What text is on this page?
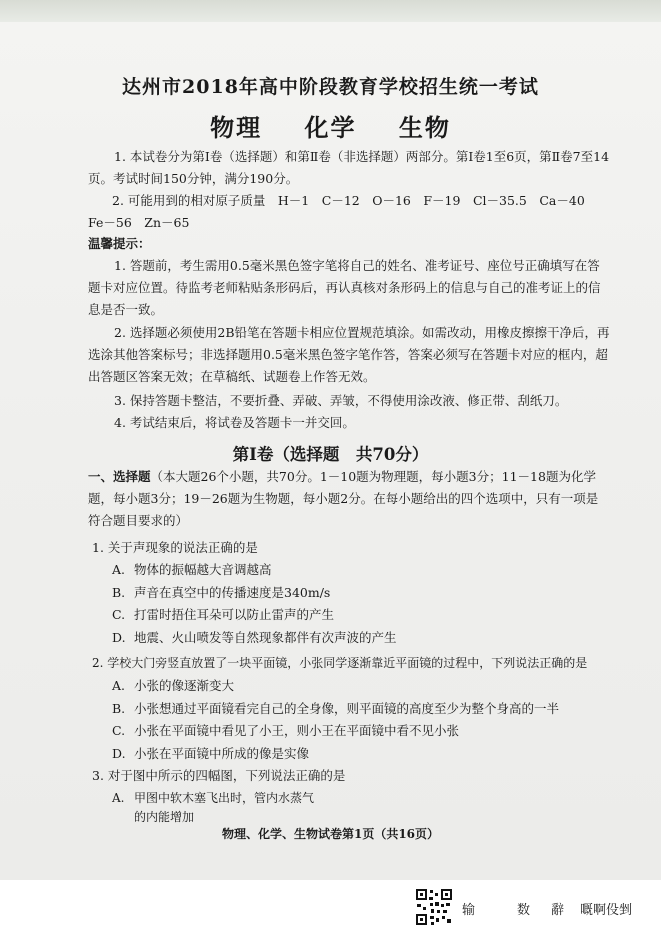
达州市2018年高中阶段教育学校招生统一考试
物理 化学 生物
1. 本试卷分为第Ⅰ卷（选择题）和第Ⅱ卷（非选择题）两部分。第Ⅰ卷1至6页，第Ⅱ卷7至14页。考试时间150分钟，满分190分。
2. 可能用到的相对原子质量　H－1　C－12　O－16　F－19　Cl－35.5　Ca－40
Fe－56　Zn－65
温馨提示：
1. 答题前，考生需用0.5毫米黑色签字笔将自己的姓名、准考证号、座位号正确填写在答题卡对应位置。待监考老师粘贴条形码后，再认真核对条形码上的信息与自己的准考证上的信息是否一致。
2. 选择题必须使用2B铅笔在答题卡相应位置规范填涂。如需改动，用橡皮擦擦干净后，再选涂其他答案标号；非选择题用0.5毫米黑色签字笔作答，答案必须写在答题卡对应的框内，超出答题区答案无效；在草稿纸、试题卷上作答无效。
3. 保持答题卡整洁，不要折叠、弄破、弄皱，不得使用涂改液、修正带、刮纸刀。
4. 考试结束后，将试卷及答题卡一并交回。
第Ⅰ卷（选择题　共70分）
一、选择题（本大题26个小题，共70分。1－10题为物理题，每小题3分；11－18题为化学题，每小题3分；19－26题为生物题，每小题2分。在每小题给出的四个选项中，只有一项是符合题目要求的）
1. 关于声现象的说法正确的是
A. 物体的振幅越大音调越高
B. 声音在真空中的传播速度是340m/s
C. 打雷时捂住耳朵可以防止雷声的产生
D. 地震、火山喷发等自然现象都伴有次声波的产生
2. 学校大门旁竖直放置了一块平面镜，小张同学逐渐靠近平面镜的过程中，下列说法正确的是
A. 小张的像逐渐变大
B. 小张想通过平面镜看完自己的全身像，则平面镜的高度至少为整个身高的一半
C. 小张在平面镜中看见了小王，则小王在平面镜中看不见小张
D. 小张在平面镜中所成的像是实像
3. 对于图中所示的四幅图，下列说法正确的是
A. 甲图中软木塞飞出时，管内水蒸气
的内能增加
物理、化学、生物试卷第1页（共16页）
输	数 辭 嘅啊伇剉
